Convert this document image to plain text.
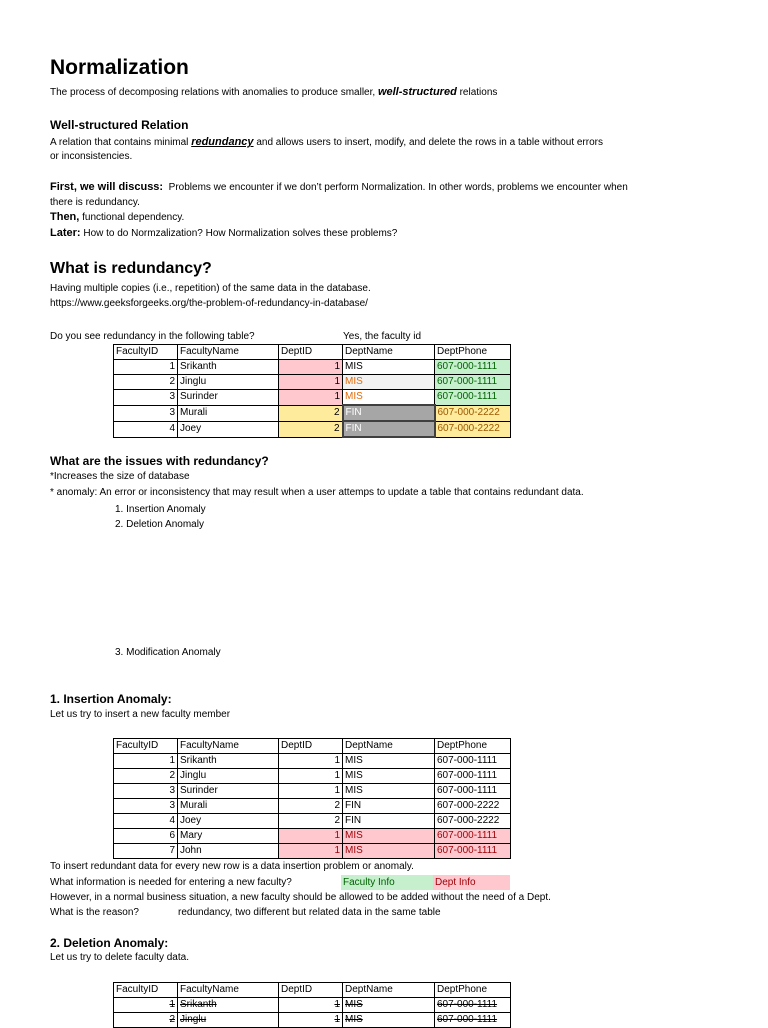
Normalization
The process of decomposing relations with anomalies to produce smaller, well-structured relations
Well-structured Relation
A relation that contains minimal redundancy and allows users to insert, modify, and delete the rows in a table without errors
or inconsistencies.
First, we will discuss: Problems we encounter if we don’t perform Normalization. In other words, problems we encounter when
there is redundancy.
Then, functional dependency.
Later: How to do Normzalization? How Normalization solves these problems?
What is redundancy?
Having multiple copies (i.e., repetition) of the same data in the database.
https://www.geeksforgeeks.org/the-problem-of-redundancy-in-database/
Do you see redundancy in the following table?	Yes, the faculty id
FacultyID	FacultyName	DeptID	DeptName	DeptPhone
1	Srikanth	1	MIS	607-000-1111
2	Jinglu	1	MIS	607-000-1111
3	Surinder	1	MIS	607-000-1111
3	Murali	2	FIN	607-000-2222
4	Joey	2	FIN	607-000-2222
What are the issues with redundancy?
*Increases the size of database
* anomaly: An error or inconsistency that may result when a user attemps to update a table that contains redundant data.
1. Insertion Anomaly
2. Deletion Anomaly
3. Modification Anomaly
1. Insertion Anomaly:
Let us try to insert a new faculty member
FacultyID	FacultyName	DeptID	DeptName	DeptPhone
1	Srikanth	1	MIS	607-000-1111
2	Jinglu	1	MIS	607-000-1111
3	Surinder	1	MIS	607-000-1111
3	Murali	2	FIN	607-000-2222
4	Joey	2	FIN	607-000-2222
6	Mary	1	MIS	607-000-1111
7	John	1	MIS	607-000-1111
To insert redundant data for every new row is a data insertion problem or anomaly.
What information is needed for entering a new faculty?	Faculty Info	Dept Info
However, in a normal business situation, a new faculty should be allowed to be added without the need of a Dept.
What is the reason?	redundancy, two different but related data in the same table
2. Deletion Anomaly:
Let us try to delete faculty data.
FacultyID	FacultyName	DeptID	DeptName	DeptPhone
1	Srikanth	1	MIS	607-000-1111
2	Jinglu	1	MIS	607-000-1111
